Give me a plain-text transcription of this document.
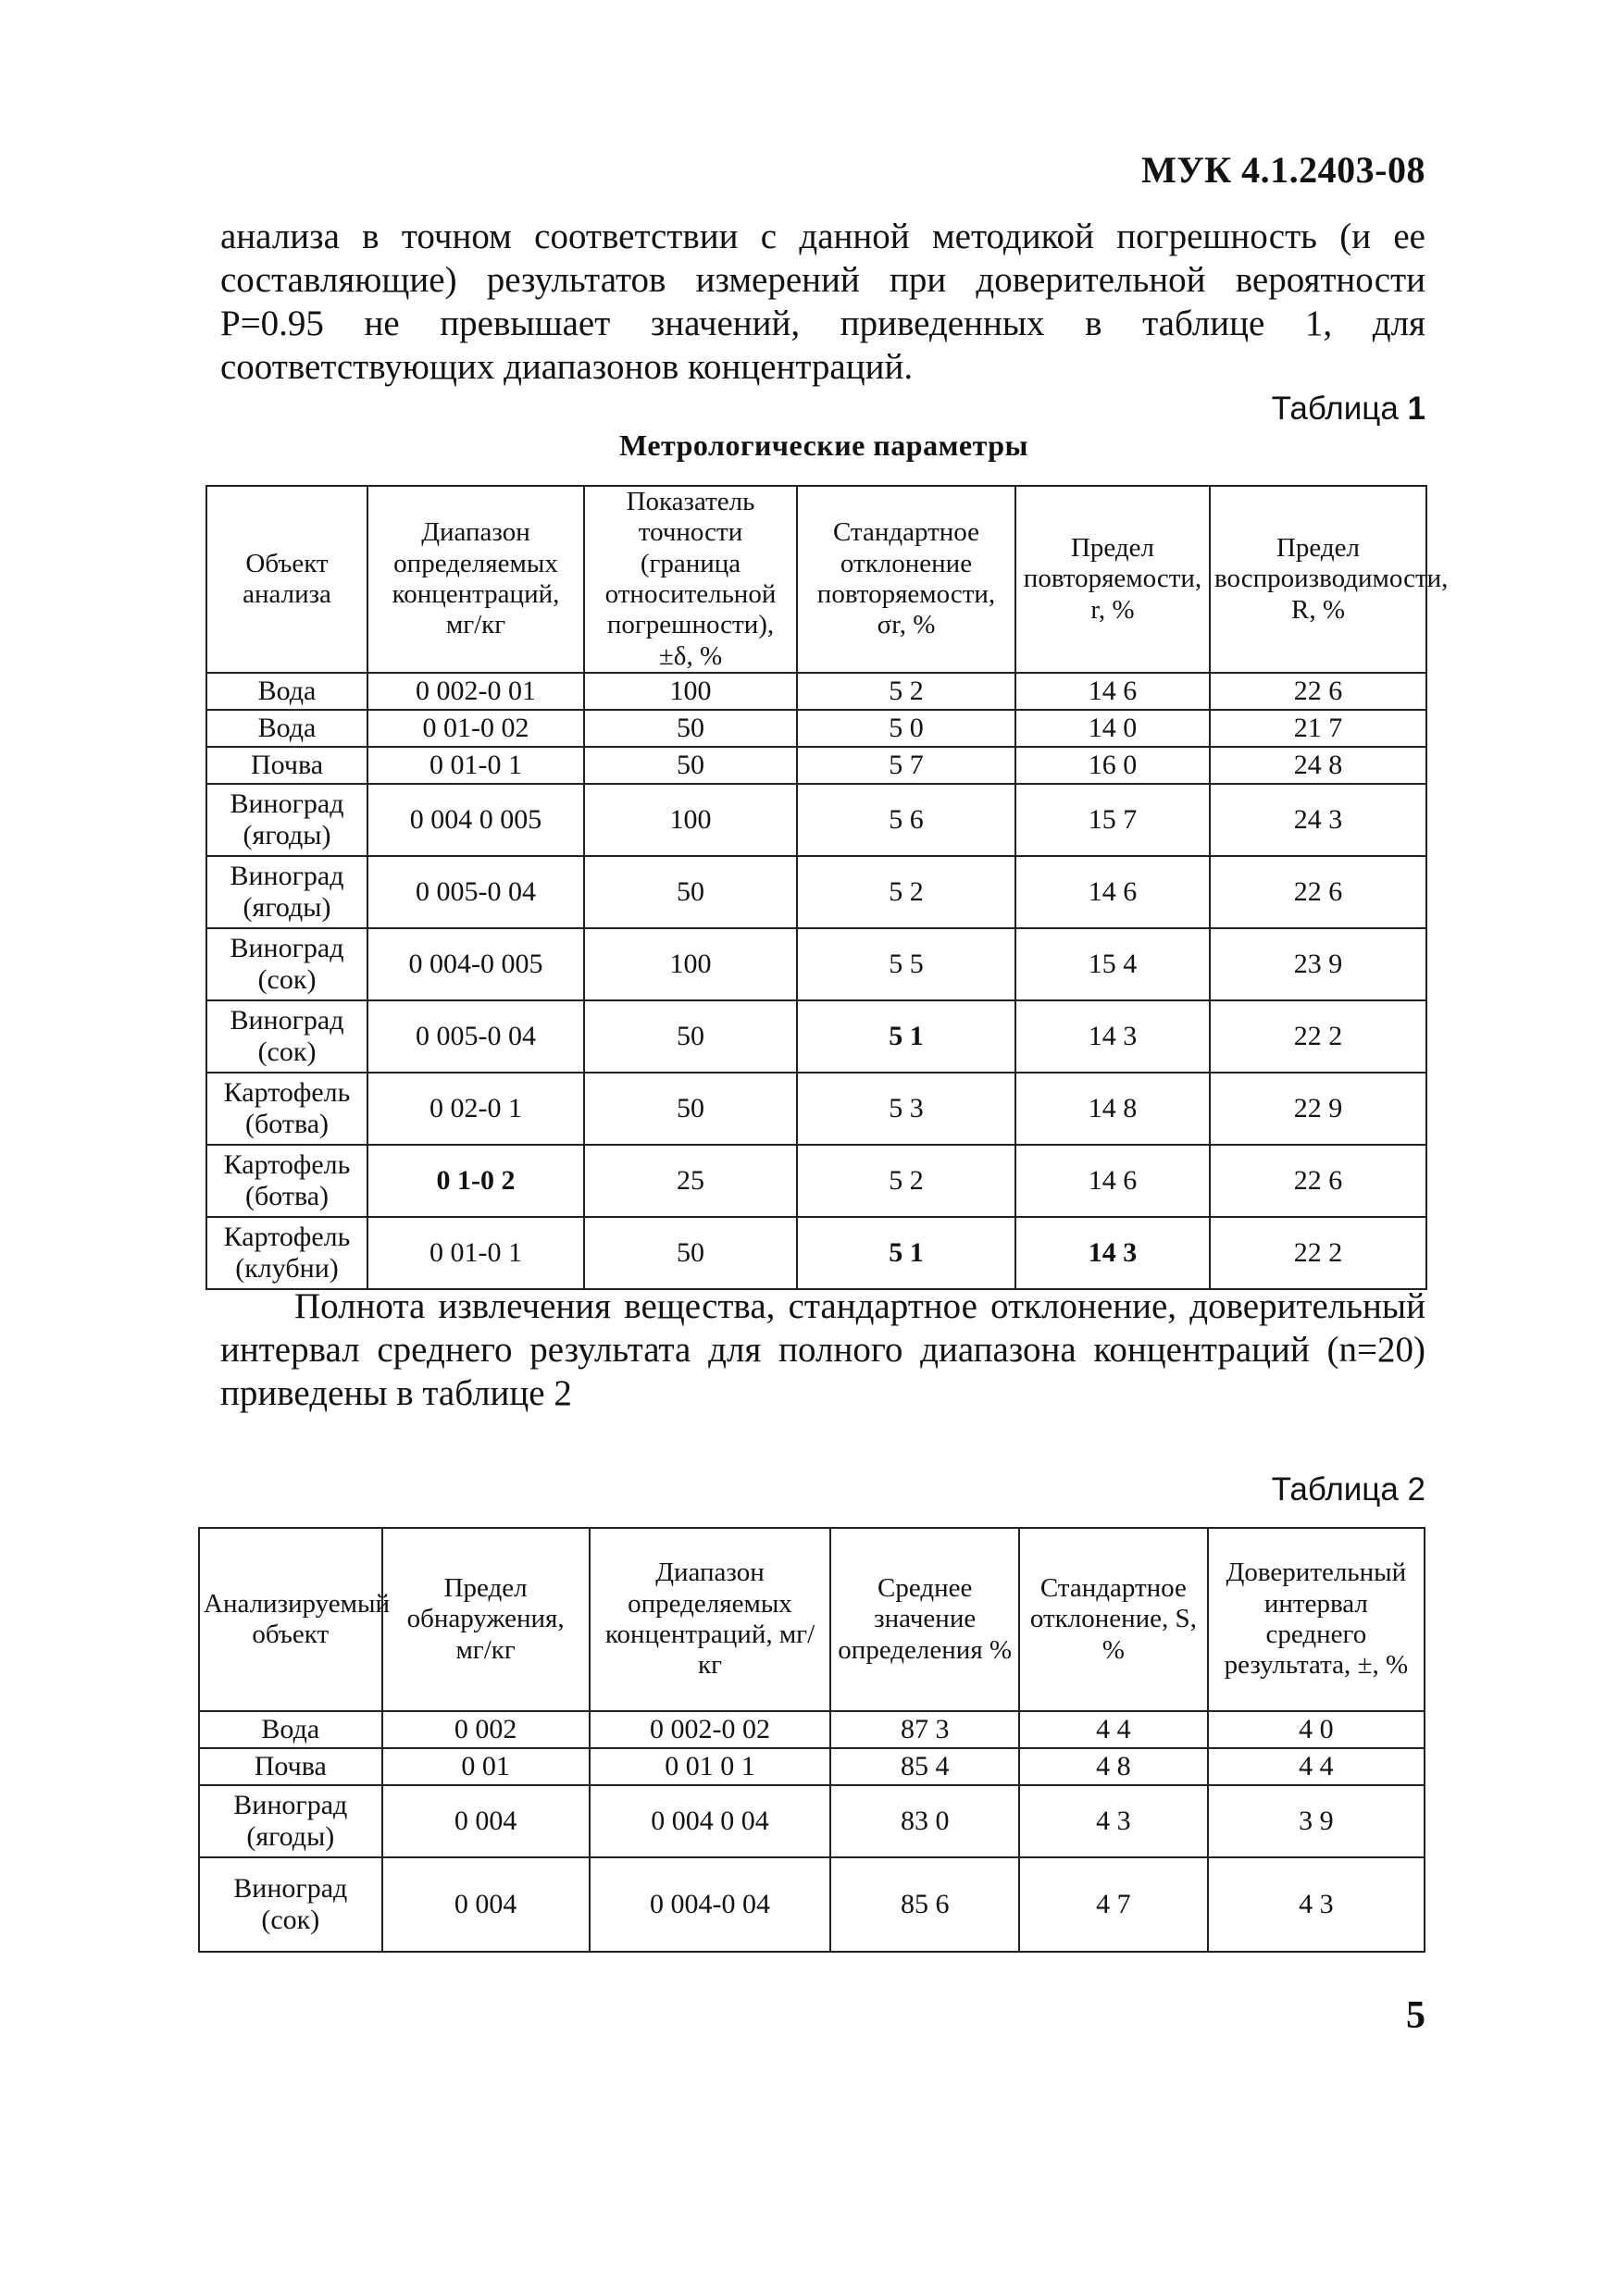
МУК 4.1.2403-08
анализа в точном соответствии с данной методикой погрешность (и ее составляющие) результатов измерений при доверительной вероятности Р=0.95 не превышает значений, приведенных в таблице 1, для соответствующих диапазонов концентраций.
Таблица 1
Метрологические параметры
Объект анализа	Диапазон определяемых концентраций, мг/кг	Показатель точности (граница относительной погрешности), ±δ, %	Стандартное отклонение повторяемости, σr, %	Предел повторяемости, r, %	Предел воспроизводимости, R, %
Вода	0 002-0 01	100	5 2	14 6	22 6
Вода	0 01-0 02	50	5 0	14 0	21 7
Почва	0 01-0 1	50	5 7	16 0	24 8
Виноград (ягоды)	0 004 0 005	100	5 6	15 7	24 3
Виноград (ягоды)	0 005-0 04	50	5 2	14 6	22 6
Виноград (сок)	0 004-0 005	100	5 5	15 4	23 9
Виноград (сок)	0 005-0 04	50	5 1	14 3	22 2
Картофель (ботва)	0 02-0 1	50	5 3	14 8	22 9
Картофель (ботва)	0 1-0 2	25	5 2	14 6	22 6
Картофель (клубни)	0 01-0 1	50	5 1	14 3	22 2
Полнота извлечения вещества, стандартное отклонение, доверительный интервал среднего результата для полного диапазона концентраций (n=20) приведены в таблице 2
Таблица 2
Анализируемый объект	Предел обнаружения, мг/кг	Диапазон определяемых концентраций, мг/кг	Среднее значение определения %	Стандартное отклонение, S, %	Доверительный интервал среднего результата, ±, %
Вода	0 002	0 002-0 02	87 3	4 4	4 0
Почва	0 01	0 01 0 1	85 4	4 8	4 4
Виноград (ягоды)	0 004	0 004 0 04	83 0	4 3	3 9
Виноград (сок)	0 004	0 004-0 04	85 6	4 7	4 3
5
